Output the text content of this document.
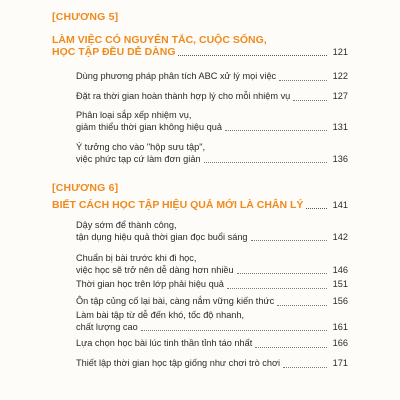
[CHƯƠNG 5]
LÀM VIỆC CÓ NGUYÊN TẮC, CUỘC SỐNG,
HỌC TẬP ĐỀU DỄ DÀNG	121
Dùng phương pháp phân tích ABC xử lý mọi việc	122
Đặt ra thời gian hoàn thành hợp lý cho mỗi nhiệm vụ	127
Phân loại sắp xếp nhiệm vụ,
giảm thiểu thời gian không hiệu quả	131
Ý tưởng cho vào "hộp sưu tập",
việc phức tạp cứ làm đơn giản	136
[CHƯƠNG 6]
BIẾT CÁCH HỌC TẬP HIỆU QUẢ MỚI LÀ CHÂN LÝ	141
Dậy sớm để thành công,
tận dụng hiệu quả thời gian đọc buổi sáng	142
Chuẩn bị bài trước khi đi học,
việc học sẽ trở nên dễ dàng hơn nhiều	146
Thời gian học trên lớp phải hiệu quả	151
Ôn tập củng cố lại bài, càng nắm vững kiến thức	156
Làm bài tập từ dễ đến khó, tốc độ nhanh,
chất lượng cao	161
Lựa chọn học bài lúc tinh thần tỉnh táo nhất	166
Thiết lập thời gian học tập giống như chơi trò chơi	171
